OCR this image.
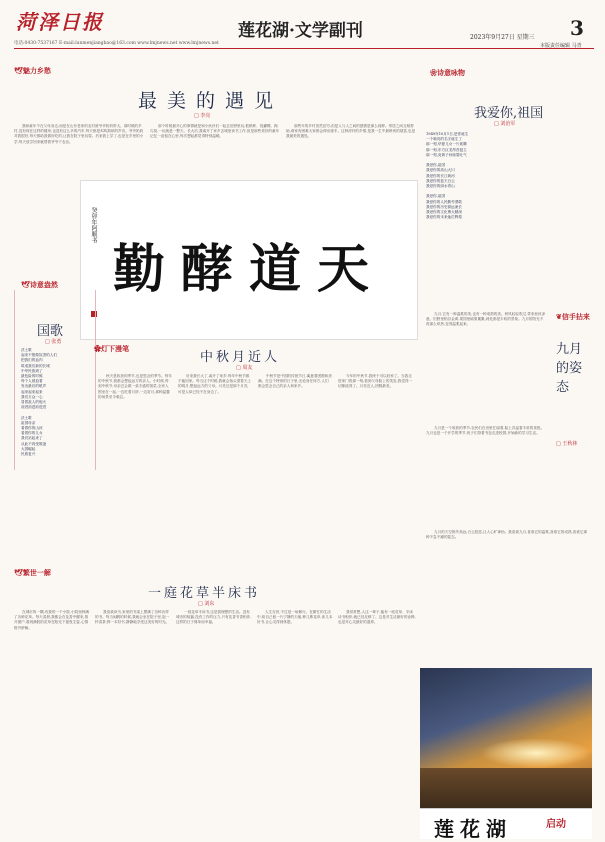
菏泽日报	莲花湖·文学副刊	3
2023年9月27日 星期三
电话:0430-7537167 E-mail:lunmenjiangbao@163.com www.lmjnews.net www.lmjnews.net	本版责任编辑 马青
🕊魅力乡愁
最美的遇见
□ 李亮

我和童年不在父母身边,而是在山东老家的农村被爷爷奶奶带大。那时候的乡村,没有现在这样的楼房,也没有这么多的汽车,每天都是鸡鸣狗吠的声音。爷爷奶奶对我很好,每天都给我做好吃的,让我在院子里玩耍。后来我上学了,也是在乡里的小学,每天放学回来就帮着爷爷干农活。

那个时候最开心的事情就是和小伙伴们一起去田野里玩,抓蚂蚱、捉蝴蝶、掏鸟窝,一玩就是一整天。长大后,我离开了家乡去城里读书工作,但是那些美好的童年记忆一直留在心里,每次想起都觉得特别温暖。

那些年的乡村虽然贫穷,但是人与人之间的感情是那么纯粹。邻居之间互相帮助,谁家有困难大家都会伸出援手。这种淳朴的乡情,是我一生中最珍贵的财富,也是我最美的遇见。

❀诗意咏物
我爱你,祖国
□ 刘治军
1949年10月1日,是你诞生
一个响亮的名字诞生了
那一刻,华夏儿女一片欢腾
那一刻,东方巨龙昂首挺立
那一刻,炎黄子孙扬眉吐气

我爱你,祖国
我爱你的高山大川
我爱你的长江黄河
我爱你的蓝天白云
我爱你的绿水青山

我爱你,祖国
我爱你的人民勤劳勇敢
我爱你的历史源远流长
我爱你的文化博大精深
我爱你的未来灿烂辉煌
癸卯年阿顺书
勤酵道天
🕊诗意盎然
国歌
□ 张勇
沃土歌
起来不愿做奴隶的人们
把我们的血肉
筑成我们新的长城
中华民族到了
最危险的时候
每个人被迫着
发出最后的吼声
起来起来起来
我们万众一心
冒着敌人的炮火
前进前进前进进

沃土歌
祖国母亲
看着你的山河
看着你的儿女
我们站起来了
从此不再受欺凌
大国崛起
民族复兴
✿灯下漫笔
中秋月近人
□ 周友

秋天是收获的季节,也是思念的季节。每年的中秋节,我都会想起远方的亲人。小时候,每到中秋节,母亲总会做一桌丰盛的饭菜,全家人围坐在一起,一边吃着月饼,一边赏月,那种温馨的场景至今难忘。

后来我长大了,离开了家乡,每年中秋节都不能回家。每当这个时候,我就会抬头望着天上的明月,想起远方的父母。月亮还是那个月亮,可是人却已经不在身边了。

中秋节是中国的传统节日,寓意着团圆和美满。在这个特别的日子里,无论身在何方,人们都会思念自己的亲人和家乡。

今年的中秋节,我终于可以回家了。当我走进家门的那一刻,看到父母脸上的笑容,我觉得一切都值得了。月亮近人,团圆最美。

九月,它有一种温柔的美,也有一种成熟的美。秋风轻轻吹过,带来丝丝凉意。田野里稻谷金黄,果园里硕果累累,到处都是丰收的景象。九月的阳光不再那么炽热,变得温柔起来。

❦信手拈来
九月的姿态
□ 王秋林

九月是一个收获的季节,农民们在田里忙碌着,脸上洋溢着丰收的喜悦。九月也是一个开学的季节,孩子们背着书包走进校园,开始新的学习生活。

九月的天空格外高远,白云悠悠,让人心旷神怡。我喜欢九月,喜欢它的温柔,喜欢它的成熟,喜欢它那种不急不躁的姿态。

🕊繁世一解
一庭花草半床书
□ 刘东

在城市的一隅,有我的一个小院,小院里种满了各种花草。每天清晨,我都会在花香中醒来,推开窗户,看到满院的花草在阳光下摇曳生姿,心情格外舒畅。

我喜欢读书,家里的书架上摆满了各种各样的书。每当闲暇的时候,我就会坐在院子里,泡一杯清茶,捧一本好书,静静地享受这美好的时光。

一庭花草半床书,这是我理想的生活。没有城市的喧嚣,没有工作的压力,只有花香书香相伴,这样的日子简单而幸福。

人生在世,不过是一场修行。在繁忙的生活中,给自己留一片宁静的天地,种几株花草,读几本好书,让心灵得到休憩。

我常常想,人这一辈子,能有一庭花草、半床诗书相伴,就已经足够了。这是对生活最好的诠释,也是对心灵最好的滋养。

莲花湖	启动
